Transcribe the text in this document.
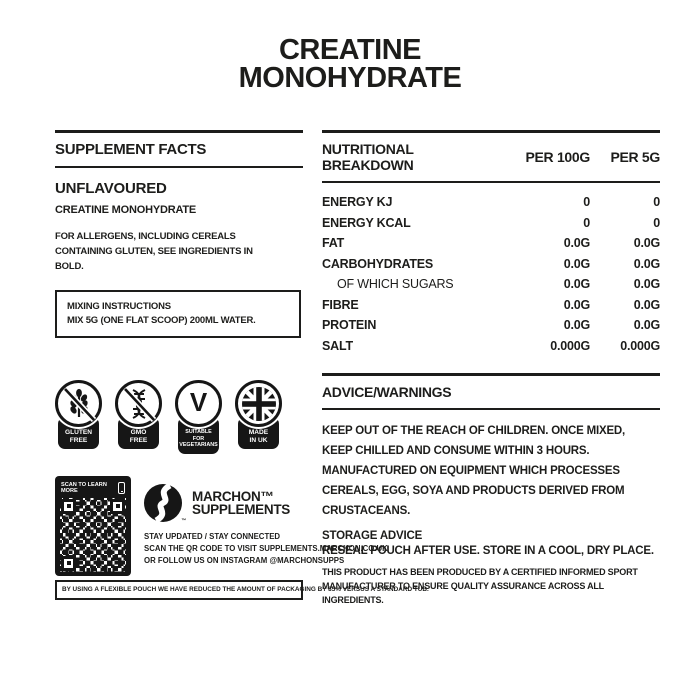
CREATINE
MONOHYDRATE
SUPPLEMENT FACTS
UNFLAVOURED
CREATINE MONOHYDRATE
FOR ALLERGENS, INCLUDING CEREALS CONTAINING GLUTEN, SEE INGREDIENTS IN BOLD.
MIXING INSTRUCTIONS
MIX 5G (ONE FLAT SCOOP) 200ML WATER.
GLUTEN
FREE
GMO
FREE
V
SUITABLE FOR
VEGETARIANS
MADE
IN UK
SCAN TO LEARN MORE
™
MARCHON™
SUPPLEMENTS
STAY UPDATED / STAY CONNECTED
SCAN THE QR CODE TO VISIT SUPPLEMENTS.MARCHON.CO.UK
OR FOLLOW US ON INSTAGRAM @MARCHONSUPPS
BY USING A FLEXIBLE POUCH WE HAVE REDUCED THE AMOUNT OF PACKAGING BY 85% VERSUS A STANDARD TUB.
NUTRITIONAL BREAKDOWN	PER 100G	PER 5G
ENERGY KJ	0	0
ENERGY KCAL	0	0
FAT	0.0G	0.0G
CARBOHYDRATES	0.0G	0.0G
OF WHICH SUGARS	0.0G	0.0G
FIBRE	0.0G	0.0G
PROTEIN	0.0G	0.0G
SALT	0.000G	0.000G
ADVICE/WARNINGS
KEEP OUT OF THE REACH OF CHILDREN. ONCE MIXED, KEEP CHILLED AND CONSUME WITHIN 3 HOURS. MANUFACTURED ON EQUIPMENT WHICH PROCESSES CEREALS, EGG, SOYA AND PRODUCTS DERIVED FROM CRUSTACEANS.
STORAGE ADVICE
RESEAL POUCH AFTER USE. STORE IN A COOL, DRY PLACE.
THIS PRODUCT HAS BEEN PRODUCED BY A CERTIFIED INFORMED SPORT MANUFACTURER TO ENSURE QUALITY ASSURANCE ACROSS ALL INGREDIENTS.
